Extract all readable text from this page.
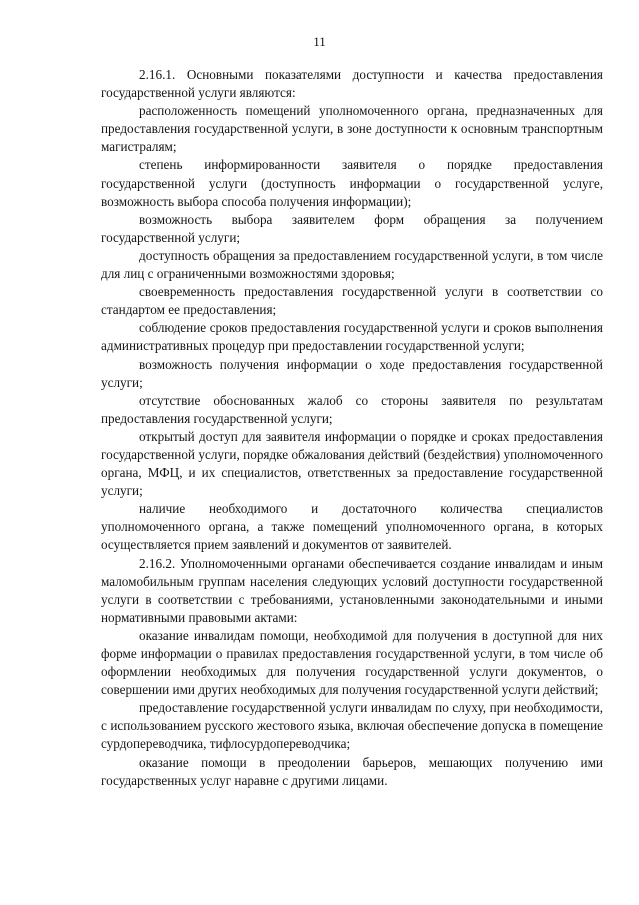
11

2.16.1. Основными показателями доступности и качества предоставления государственной услуги являются:

расположенность помещений уполномоченного органа, предназначенных для предоставления государственной услуги, в зоне доступности к основным транспортным магистралям;

степень информированности заявителя о порядке предоставления государственной услуги (доступность информации о государственной услуге, возможность выбора способа получения информации);

возможность выбора заявителем форм обращения за получением государственной услуги;

доступность обращения за предоставлением государственной услуги, в том числе для лиц с ограниченными возможностями здоровья;

своевременность предоставления государственной услуги в соответствии со стандартом ее предоставления;

соблюдение сроков предоставления государственной услуги и сроков выполнения административных процедур при предоставлении государственной услуги;

возможность получения информации о ходе предоставления государственной услуги;

отсутствие обоснованных жалоб со стороны заявителя по результатам предоставления государственной услуги;

открытый доступ для заявителя информации о порядке и сроках предоставления государственной услуги, порядке обжалования действий (бездействия) уполномоченного органа, МФЦ, и их специалистов, ответственных за предоставление государственной услуги;

наличие необходимого и достаточного количества специалистов уполномоченного органа, а также помещений уполномоченного органа, в которых осуществляется прием заявлений и документов от заявителей.

2.16.2. Уполномоченными органами обеспечивается создание инвалидам и иным маломобильным группам населения следующих условий доступности государственной услуги в соответствии с требованиями, установленными законодательными и иными нормативными правовыми актами:

оказание инвалидам помощи, необходимой для получения в доступной для них форме информации о правилах предоставления государственной услуги, в том числе об оформлении необходимых для получения государственной услуги документов, о совершении ими других необходимых для получения государственной услуги действий;

предоставление государственной услуги инвалидам по слуху, при необходимости, с использованием русского жестового языка, включая обеспечение допуска в помещение сурдопереводчика, тифлосурдопереводчика;

оказание помощи в преодолении барьеров, мешающих получению ими государственных услуг наравне с другими лицами.
